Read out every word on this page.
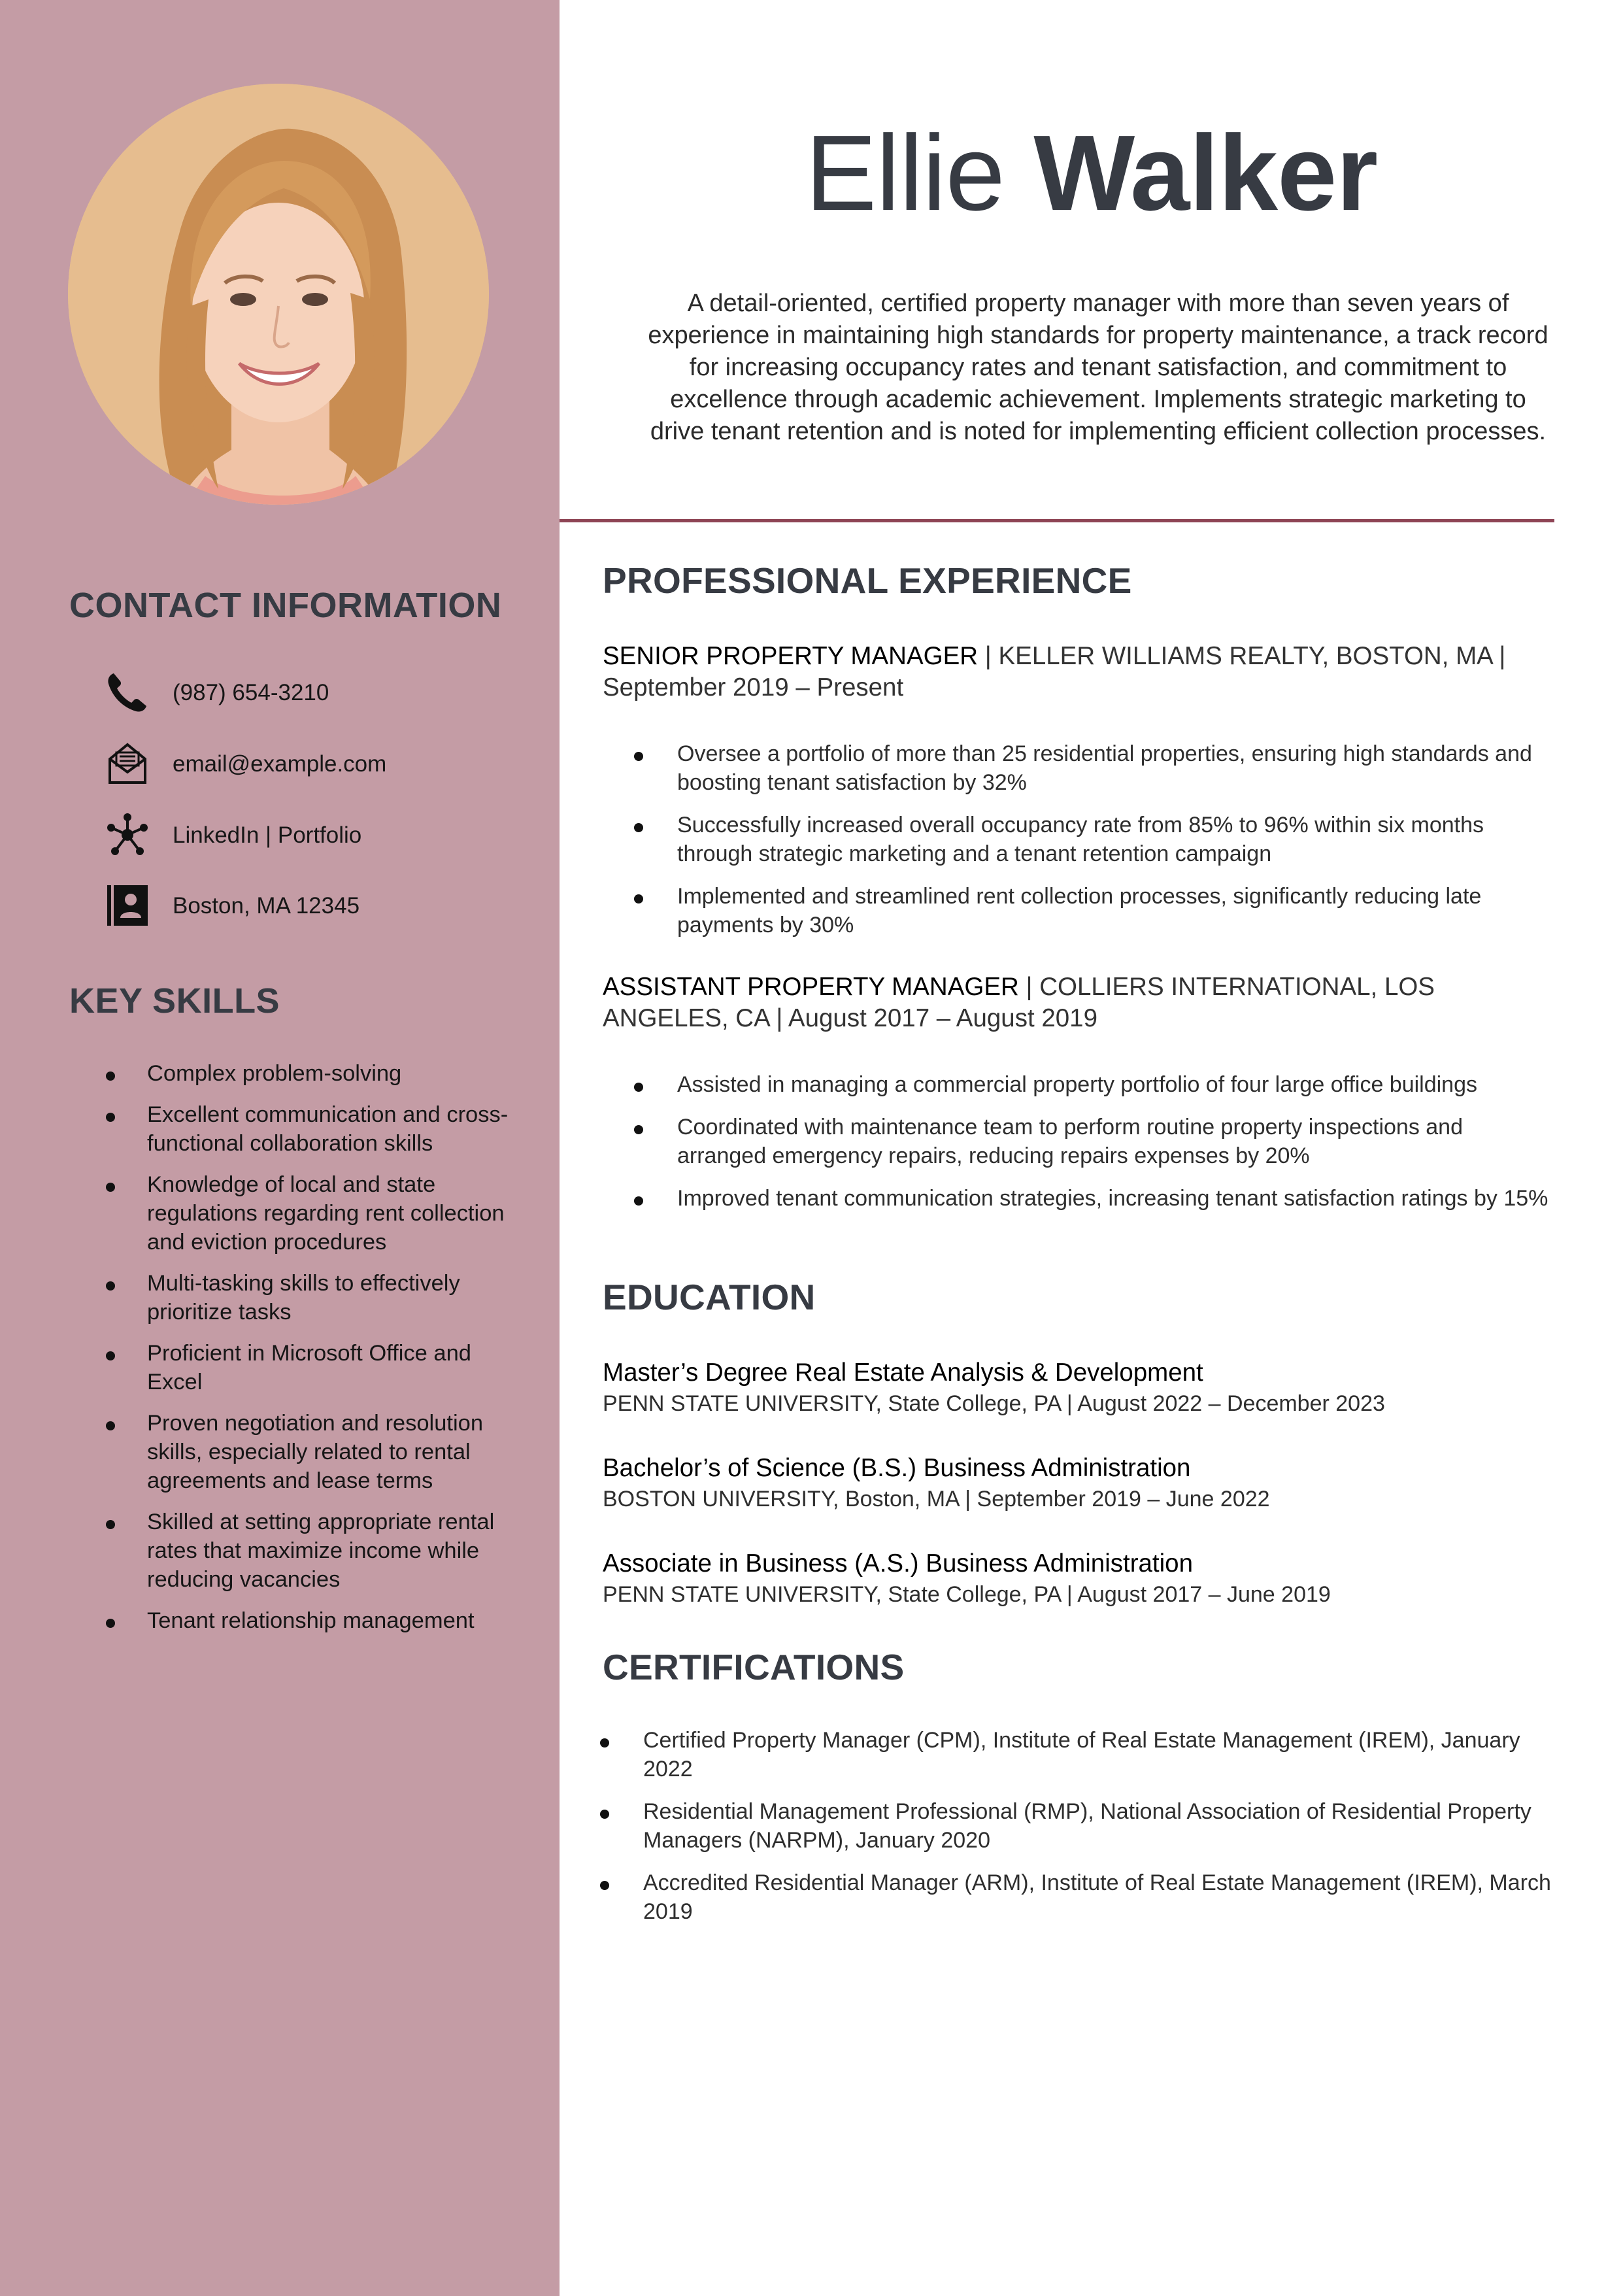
CONTACT INFORMATION
(987) 654-3210
email@example.com
LinkedIn | Portfolio
Boston, MA 12345
KEY SKILLS
Complex problem-solving
Excellent communication and cross-functional collaboration skills
Knowledge of local and state regulations regarding rent collection and eviction procedures
Multi-tasking skills to effectively prioritize tasks
Proficient in Microsoft Office and Excel
Proven negotiation and resolution skills, especially related to rental agreements and lease terms
Skilled at setting appropriate rental rates that maximize income while reducing vacancies
Tenant relationship management
Ellie Walker

A detail-oriented, certified property manager with more than seven years of experience in maintaining high standards for property maintenance, a track record for increasing occupancy rates and tenant satisfaction, and commitment to excellence through academic achievement. Implements strategic marketing to drive tenant retention and is noted for implementing efficient collection processes.

PROFESSIONAL EXPERIENCE

SENIOR PROPERTY MANAGER | KELLER WILLIAMS REALTY, BOSTON, MA | September 2019 – Present

Oversee a portfolio of more than 25 residential properties, ensuring high standards and boosting tenant satisfaction by 32%
Successfully increased overall occupancy rate from 85% to 96% within six months through strategic marketing and a tenant retention campaign
Implemented and streamlined rent collection processes, significantly reducing late payments by 30%

ASSISTANT PROPERTY MANAGER | COLLIERS INTERNATIONAL, LOS ANGELES, CA | August 2017 – August 2019

Assisted in managing a commercial property portfolio of four large office buildings
Coordinated with maintenance team to perform routine property inspections and arranged emergency repairs, reducing repairs expenses by 20%
Improved tenant communication strategies, increasing tenant satisfaction ratings by 15%
EDUCATION

Master’s Degree Real Estate Analysis & Development

PENN STATE UNIVERSITY, State College, PA | August 2022 – December 2023

Bachelor’s of Science (B.S.) Business Administration

BOSTON UNIVERSITY, Boston, MA | September 2019 – June 2022

Associate in Business (A.S.) Business Administration

PENN STATE UNIVERSITY, State College, PA | August 2017 – June 2019

CERTIFICATIONS
Certified Property Manager (CPM), Institute of Real Estate Management (IREM), January 2022
Residential Management Professional (RMP), National Association of Residential Property Managers (NARPM), January 2020
Accredited Residential Manager (ARM), Institute of Real Estate Management (IREM), March 2019
